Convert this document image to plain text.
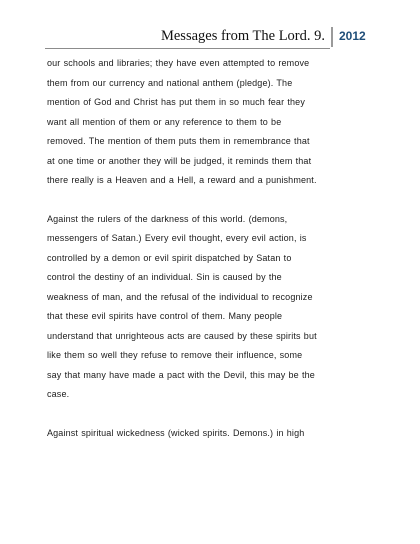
Messages from The Lord. 9. 2012

our schools and libraries; they have even attempted to remove
them from our currency and national anthem (pledge). The
mention of God and Christ has put them in so much fear they
want all mention of them or any reference to them to be
removed. The mention of them puts them in remembrance that
at one time or another they will be judged, it reminds them that
there really is a Heaven and a Hell, a reward and a punishment.

Against the rulers of the darkness of this world. (demons,
messengers of Satan.) Every evil thought, every evil action, is
controlled by a demon or evil spirit dispatched by Satan to
control the destiny of an individual. Sin is caused by the
weakness of man, and the refusal of the individual to recognize
that these evil spirits have control of them. Many people
understand that unrighteous acts are caused by these spirits but
like them so well they refuse to remove their influence, some
say that many have made a pact with the Devil, this may be the
case.

Against spiritual wickedness (wicked spirits. Demons.) in high
